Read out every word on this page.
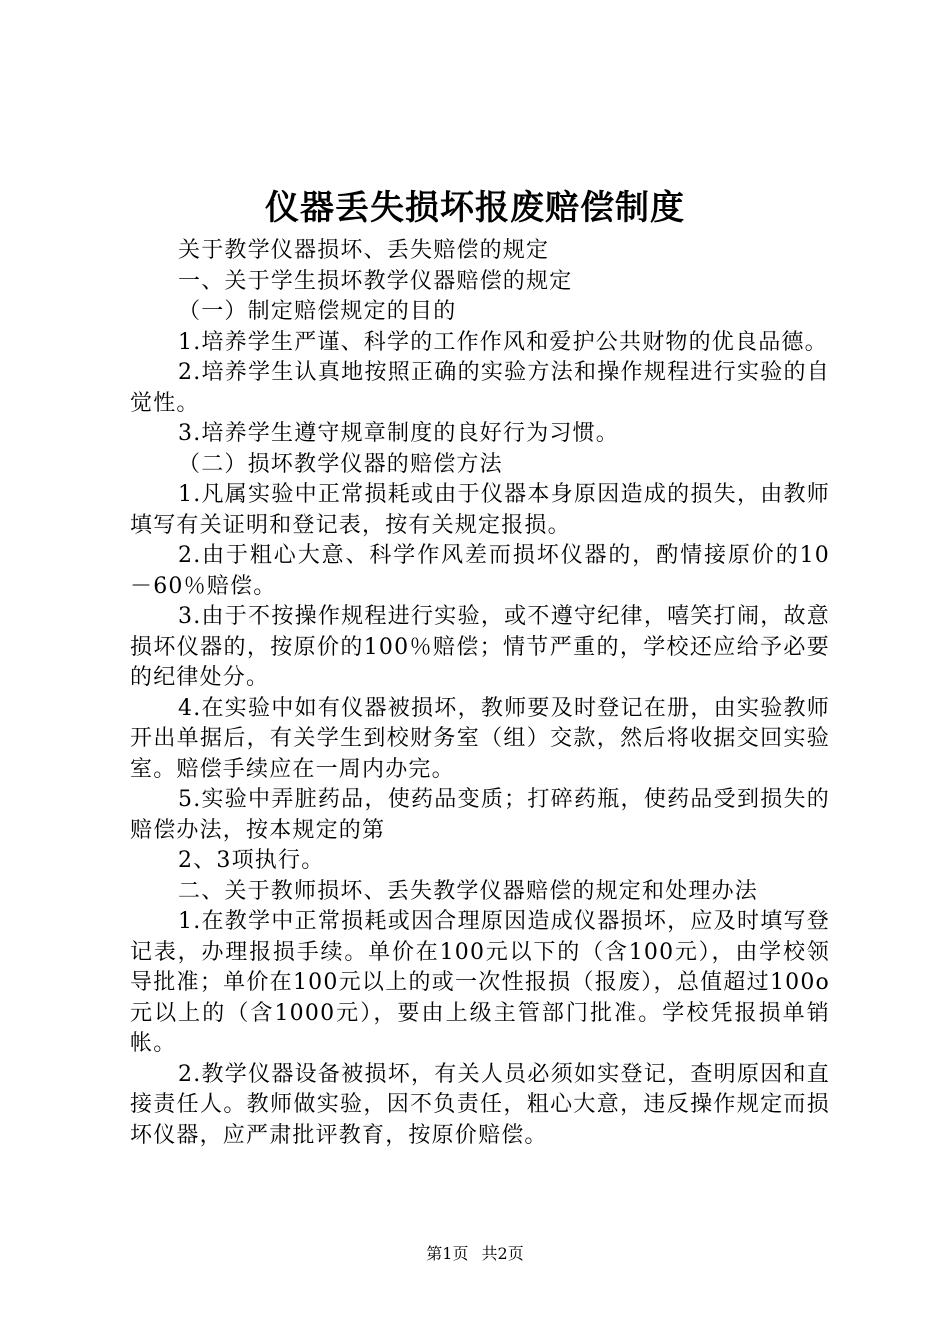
仪器丢失损坏报废赔偿制度

关于教学仪器损坏、丢失赔偿的规定

一、关于学生损坏教学仪器赔偿的规定

（一）制定赔偿规定的目的

1.培养学生严谨、科学的工作作风和爱护公共财物的优良品德。

2.培养学生认真地按照正确的实验方法和操作规程进行实验的自觉性。

3.培养学生遵守规章制度的良好行为习惯。

（二）损坏教学仪器的赔偿方法

1.凡属实验中正常损耗或由于仪器本身原因造成的损失，由教师填写有关证明和登记表，按有关规定报损。

2.由于粗心大意、科学作风差而损坏仪器的，酌情接原价的10－60％赔偿。

3.由于不按操作规程进行实验，或不遵守纪律，嘻笑打闹，故意损坏仪器的，按原价的100％赔偿；情节严重的，学校还应给予必要的纪律处分。

4.在实验中如有仪器被损坏，教师要及时登记在册，由实验教师开出单据后，有关学生到校财务室（组）交款，然后将收据交回实验室。赔偿手续应在一周内办完。

5.实验中弄脏药品，使药品变质；打碎药瓶，使药品受到损失的赔偿办法，按本规定的第

2、3项执行。

二、关于教师损坏、丢失教学仪器赔偿的规定和处理办法

1.在教学中正常损耗或因合理原因造成仪器损坏，应及时填写登记表，办理报损手续。单价在100元以下的（含100元），由学校领导批准；单价在100元以上的或一次性报损（报废），总值超过100o元以上的（含1000元），要由上级主管部门批准。学校凭报损单销帐。

2.教学仪器设备被损坏，有关人员必须如实登记，查明原因和直接责任人。教师做实验，因不负责任，粗心大意，违反操作规定而损坏仪器，应严肃批评教育，按原价赔偿。

第1页 共2页
